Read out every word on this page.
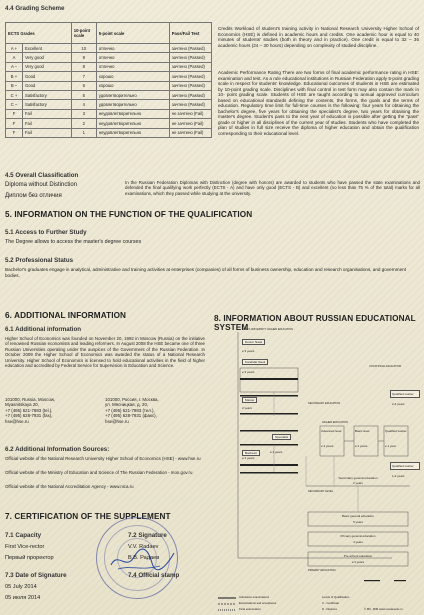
4.4 Grading Scheme
ECTS Grades		10-point scale	5-point scale	Pass/Fail Test
A +	Excellent	10	отлично	зачтено (Passed)
A	Very good	9	отлично	зачтено (Passed)
A –	Very good	8	отлично	зачтено (Passed)
B +	Good	7	хорошо	зачтено (Passed)
B –	Good	6	хорошо	зачтено (Passed)
C +	Satisfactory	5	удовлетворительно	зачтено (Passed)
C –	Satisfactory	4	удовлетворительно	зачтено (Passed)
F	Fail	3	неудовлетворительно	не зачтено (Fail)
F	Fail	2	неудовлетворительно	не зачтено (Fail)
F	Fail	1	неудовлетворительно	не зачтено (Fail)
Credits Workload of student's training activity in National Research University Higher School of Economics (HSE) is defined in academic hours and credits. One academic hour is equal to 40 minutes of students' studies (both in theory and in practice). One credit is equal to 32 – 36 academic hours (24 – 30 hours) depending on complexity of studied discipline.
Academic Performance Rating There are two forms of final academic performance rating in HSE: examination and test. As a rule educational institutions in Russian Federation apply 5-point grading scale in respect for students' knowledge. Educational outcomes of students in HSE are estimated by 10-point grading scale. Disciplines with final control in test form may also contain the mark in 10- point grading scale. Students of HSE are taught according to annual approved curriculum based on educational standards defining the contents, the forms, the goals and the terms of education. Regulatory time limit for full-time courses is the following: four years for obtaining the bachelor's degree, five years for obtaining the specialist's degree, two years for obtaining the master's degree. Student's pass to the next year of education is possible after getting the "pass" grade or higher in all disciplines of the current year of studies. Students who have completed the plan of studies in full size receive the diploma of higher education and obtain the qualification corresponding to their educational level.
4.5 Overall Classification
Diploma without Distinction
Диплом без отличия
In the Russian Federation Diplomas with Distinction (degree with honors) are awarded to students who have passed the state examinations and defended the final qualifying work perfectly (ECTS - A) and have only good (ECTS - B) and excellent (no less than 75 % of the total) marks for all examinations, which they passed while studying at the university.
5. INFORMATION ON THE FUNCTION OF THE QUALIFICATION
5.1 Access to Further Study
The Degree allows to access the master's degree courses
5.2 Professional Status
Bachelor's graduates engage in analytical, administrative and training activities at enterprises (companies) of all forms of business ownership, education and research organisations, and government bodies.
6. ADDITIONAL INFORMATION
6.1 Additional information
Higher School of Economics was founded on November 20, 1992 in Moscow (Russia) on the initiative of renowned Russian economists and leading reformers. In August 2008 the HSE became one of three Russian Universities operating under the auspices of the Government of the Russian Federation. In October 2009 the Higher School of Economics was awarded the status of a National Research University. Higher School of Economics is licensed to hold educational activities in the field of higher education and accredited by Federal Service for Supervision in Education and Science.
101000, Russia, Moscow,
Myasnitskaya 20,
+7 (495) 621-7983 (tel.),
+7 (495) 628-7931 (fax),
hse@hse.ru
101000, Россия, г. Москва,
ул. Мясницкая, д. 20,
+7 (495) 621-7983 (тел.),
+7 (495) 628-7931 (факс),
hse@hse.ru
6.2 Additional Information Sources:
Official website of the National Research University Higher School of Economics (HSE) - www.hse.ru
Official website of the Ministry of Education and Science of The Russian Federation - mon.gov.ru
Official website of the National Accreditation Agency - www.nica.ru
7. CERTIFICATION OF THE SUPPLEMENT
7.1 Capacity
First Vice-rector
Первый проректор
7.3 Date of Signature
05 July 2014
05 июля 2014
7.2 Signature
V.V. Radaev
В.В. Радаев
7.4 Official stamp
8. INFORMATION ABOUT RUSSIAN EDUCATIONAL SYSTEM
POST-UNIVERSITY HIGHER EDUCATION
HIGHER EDUCATION
SECONDARY EDUCATION
VOCATIONAL EDUCATION
SECONDARY LEVEL
PRIMARY EDUCATION
Doctor Nauk
≥ 3 years
Kandidat Nauk
≥ 3 years
Master
2 years
Specialist
≥ 4 years
Bachelor
≥ 4 years
Advanced level
≥ 3 years
Basic level
≥ 2 years
Qualified worker
≥ 1 year
Qualified worker
1-2 years
Qualified worker
2-4 years
Basic general education
5 years
Primary general education
4 years
Secondary general education
2 years
Pre-school education
≥ 3 years
Admission examinations
Examinations and acceptance
Final examination
Levels of Qualification
C - Certificate
D - Diploma	© MC, MIM www.russianedu.ru
